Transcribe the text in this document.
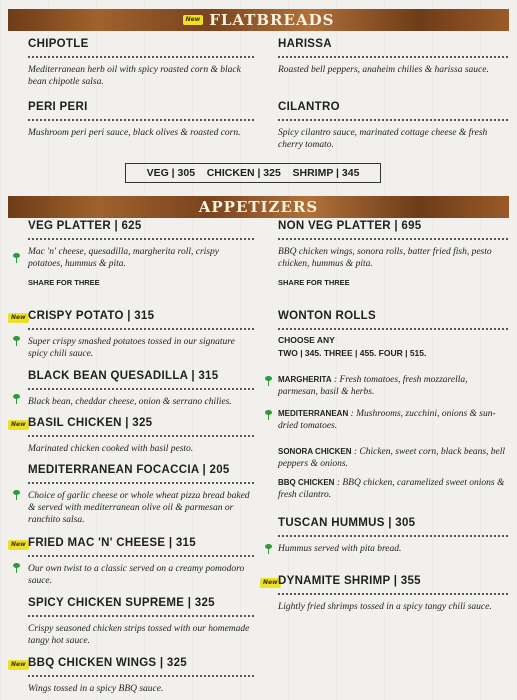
New FLATBREADS
CHIPOTLE
Mediterranean herb oil with spicy roasted corn & black bean chipotle salsa.
HARISSA
Roasted bell peppers, anaheim chilies & harissa sauce.
PERI PERI
Mushroom peri peri sauce, black olives & roasted corn.
CILANTRO
Spicy cilantro sauce, marinated cottage cheese & fresh cherry tomato.
VEG | 305    CHICKEN | 325    SHRIMP | 345
APPETIZERS
VEG PLATTER | 625
Mac 'n' cheese, quesadilla, margherita roll, crispy potatoes, hummus & pita.
SHARE FOR THREE
New CRISPY POTATO | 315
Super crispy smashed potatoes tossed in our signature spicy chili sauce.
BLACK BEAN QUESADILLA | 315
Black bean, cheddar cheese, onion & serrano chilies.
New BASIL CHICKEN | 325
Marinated chicken cooked with basil pesto.
MEDITERRANEAN FOCACCIA | 205
Choice of garlic cheese or whole wheat pizza bread baked & served with mediterranean olive oil & parmesan or ranchito salsa.
New FRIED MAC 'N' CHEESE | 315
Our own twist to a classic served on a creamy pomodoro sauce.
SPICY CHICKEN SUPREME | 325
Crispy seasoned chicken strips tossed with our homemade tangy hot sauce.
New BBQ CHICKEN WINGS | 325
Wings tossed in a spicy BBQ sauce.
NON VEG PLATTER | 695
BBQ chicken wings, sonora rolls, batter fried fish, pesto chicken, hummus & pita.
SHARE FOR THREE
WONTON ROLLS
CHOOSE ANY
TWO | 345. THREE | 455. FOUR | 515.
MARGHERITA : Fresh tomatoes, fresh mozzarella, parmesan, basil & herbs.
MEDITERRANEAN : Mushrooms, zucchini, onions & sun-dried tomatoes.
SONORA CHICKEN : Chicken, sweet corn, black beans, bell peppers & onions.
BBQ CHICKEN : BBQ chicken, caramelized sweet onions & fresh cilantro.
TUSCAN HUMMUS | 305
Hummus served with pita bread.
New DYNAMITE SHRIMP | 355
Lightly fried shrimps tossed in a spicy tangy chili sauce.
